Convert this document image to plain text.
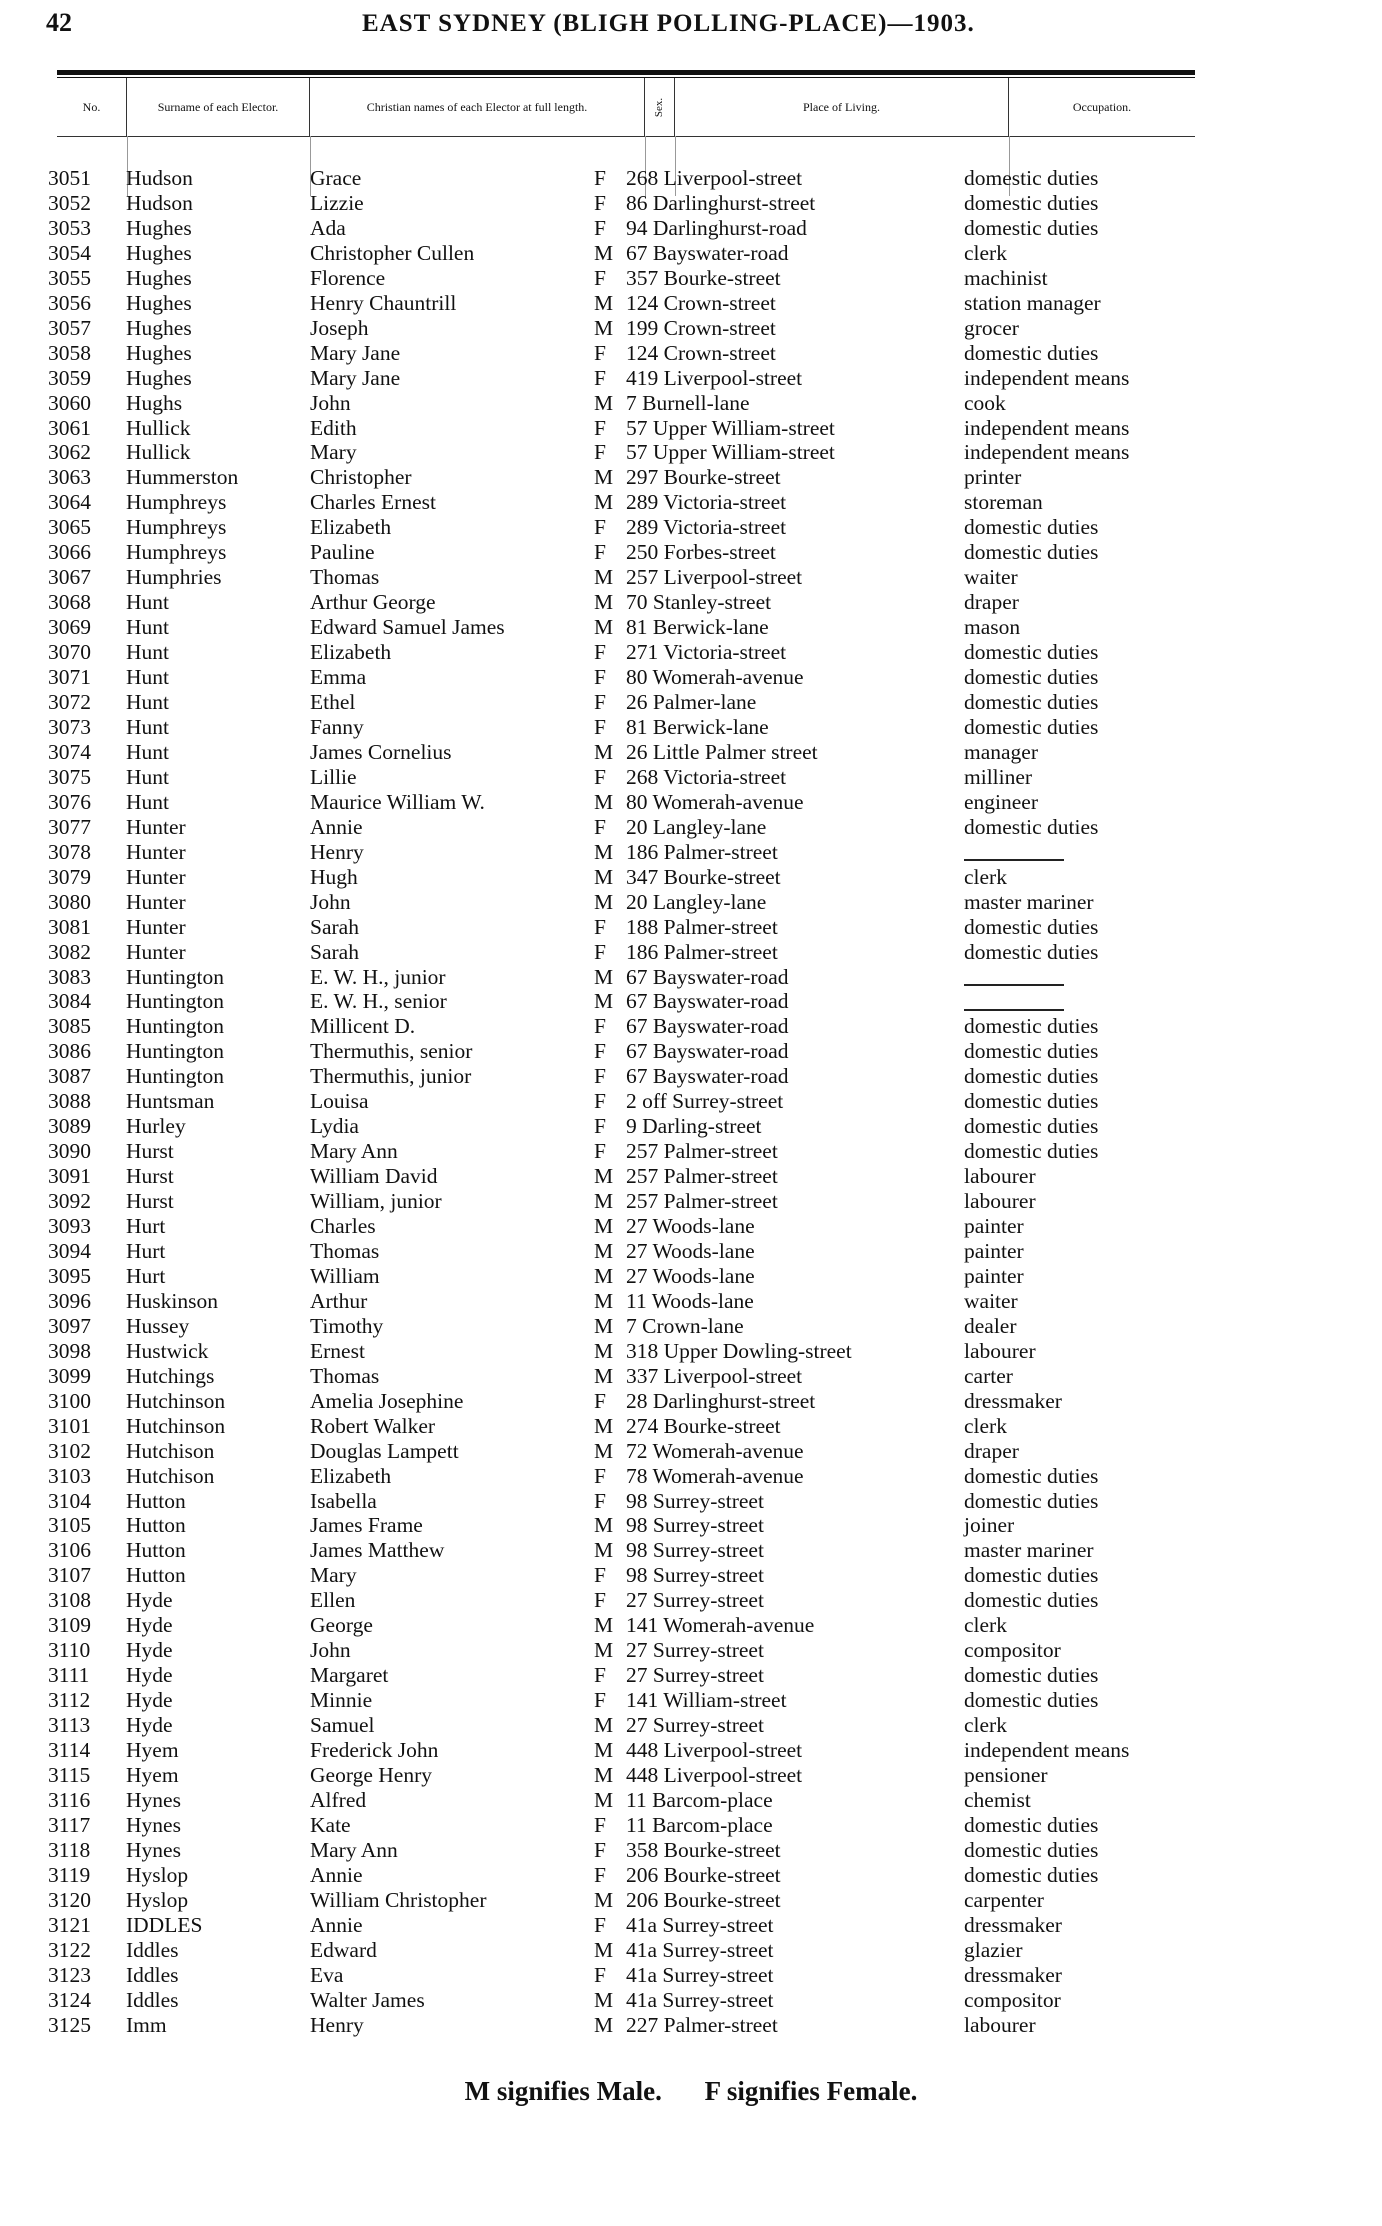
42	EAST SYDNEY (BLIGH POLLING-PLACE)—1903.
No.	Surname of each Elector.	Christian names of each Elector at full length.	Sex.	Place of Living.	Occupation.
3051 Hudson	Grace	F 268 Liverpool-street	domestic duties
3052 Hudson	Lizzie	F 86 Darlinghurst-street	domestic duties
3053 Hughes	Ada	F 94 Darlinghurst-road	domestic duties
3054 Hughes	Christopher Cullen	M 67 Bayswater-road	clerk
3055 Hughes	Florence	F 357 Bourke-street	machinist
3056 Hughes	Henry Chauntrill	M 124 Crown-street	station manager
3057 Hughes	Joseph	M 199 Crown-street	grocer
3058 Hughes	Mary Jane	F 124 Crown-street	domestic duties
3059 Hughes	Mary Jane	F 419 Liverpool-street	independent means
3060 Hughs	John	M 7 Burnell-lane	cook
3061 Hullick	Edith	F 57 Upper William-street	independent means
3062 Hullick	Mary	F 57 Upper William-street	independent means
3063 Hummerston	Christopher	M 297 Bourke-street	printer
3064 Humphreys	Charles Ernest	M 289 Victoria-street	storeman
3065 Humphreys	Elizabeth	F 289 Victoria-street	domestic duties
3066 Humphreys	Pauline	F 250 Forbes-street	domestic duties
3067 Humphries	Thomas	M 257 Liverpool-street	waiter
3068 Hunt	Arthur George	M 70 Stanley-street	draper
3069 Hunt	Edward Samuel James	M 81 Berwick-lane	mason
3070 Hunt	Elizabeth	F 271 Victoria-street	domestic duties
3071 Hunt	Emma	F 80 Womerah-avenue	domestic duties
3072 Hunt	Ethel	F 26 Palmer-lane	domestic duties
3073 Hunt	Fanny	F 81 Berwick-lane	domestic duties
3074 Hunt	James Cornelius	M 26 Little Palmer street	manager
3075 Hunt	Lillie	F 268 Victoria-street	milliner
3076 Hunt	Maurice William W.	M 80 Womerah-avenue	engineer
3077 Hunter	Annie	F 20 Langley-lane	domestic duties
3078 Hunter	Henry	M 186 Palmer-street
3079 Hunter	Hugh	M 347 Bourke-street	clerk
3080 Hunter	John	M 20 Langley-lane	master mariner
3081 Hunter	Sarah	F 188 Palmer-street	domestic duties
3082 Hunter	Sarah	F 186 Palmer-street	domestic duties
3083 Huntington	E. W. H., junior	M 67 Bayswater-road
3084 Huntington	E. W. H., senior	M 67 Bayswater-road
3085 Huntington	Millicent D.	F 67 Bayswater-road	domestic duties
3086 Huntington	Thermuthis, senior	F 67 Bayswater-road	domestic duties
3087 Huntington	Thermuthis, junior	F 67 Bayswater-road	domestic duties
3088 Huntsman	Louisa	F 2 off Surrey-street	domestic duties
3089 Hurley	Lydia	F 9 Darling-street	domestic duties
3090 Hurst	Mary Ann	F 257 Palmer-street	domestic duties
3091 Hurst	William David	M 257 Palmer-street	labourer
3092 Hurst	William, junior	M 257 Palmer-street	labourer
3093 Hurt	Charles	M 27 Woods-lane	painter
3094 Hurt	Thomas	M 27 Woods-lane	painter
3095 Hurt	William	M 27 Woods-lane	painter
3096 Huskinson	Arthur	M 11 Woods-lane	waiter
3097 Hussey	Timothy	M 7 Crown-lane	dealer
3098 Hustwick	Ernest	M 318 Upper Dowling-street	labourer
3099 Hutchings	Thomas	M 337 Liverpool-street	carter
3100 Hutchinson	Amelia Josephine	F 28 Darlinghurst-street	dressmaker
3101 Hutchinson	Robert Walker	M 274 Bourke-street	clerk
3102 Hutchison	Douglas Lampett	M 72 Womerah-avenue	draper
3103 Hutchison	Elizabeth	F 78 Womerah-avenue	domestic duties
3104 Hutton	Isabella	F 98 Surrey-street	domestic duties
3105 Hutton	James Frame	M 98 Surrey-street	joiner
3106 Hutton	James Matthew	M 98 Surrey-street	master mariner
3107 Hutton	Mary	F 98 Surrey-street	domestic duties
3108 Hyde	Ellen	F 27 Surrey-street	domestic duties
3109 Hyde	George	M 141 Womerah-avenue	clerk
3110 Hyde	John	M 27 Surrey-street	compositor
3111 Hyde	Margaret	F 27 Surrey-street	domestic duties
3112 Hyde	Minnie	F 141 William-street	domestic duties
3113 Hyde	Samuel	M 27 Surrey-street	clerk
3114 Hyem	Frederick John	M 448 Liverpool-street	independent means
3115 Hyem	George Henry	M 448 Liverpool-street	pensioner
3116 Hynes	Alfred	M 11 Barcom-place	chemist
3117 Hynes	Kate	F 11 Barcom-place	domestic duties
3118 Hynes	Mary Ann	F 358 Bourke-street	domestic duties
3119 Hyslop	Annie	F 206 Bourke-street	domestic duties
3120 Hyslop	William Christopher	M 206 Bourke-street	carpenter
3121 IDDLES	Annie	F 41a Surrey-street	dressmaker
3122 Iddles	Edward	M 41a Surrey-street	glazier
3123 Iddles	Eva	F 41a Surrey-street	dressmaker
3124 Iddles	Walter James	M 41a Surrey-street	compositor
3125 Imm	Henry	M 227 Palmer-street	labourer
M signifies Male. F signifies Female.
